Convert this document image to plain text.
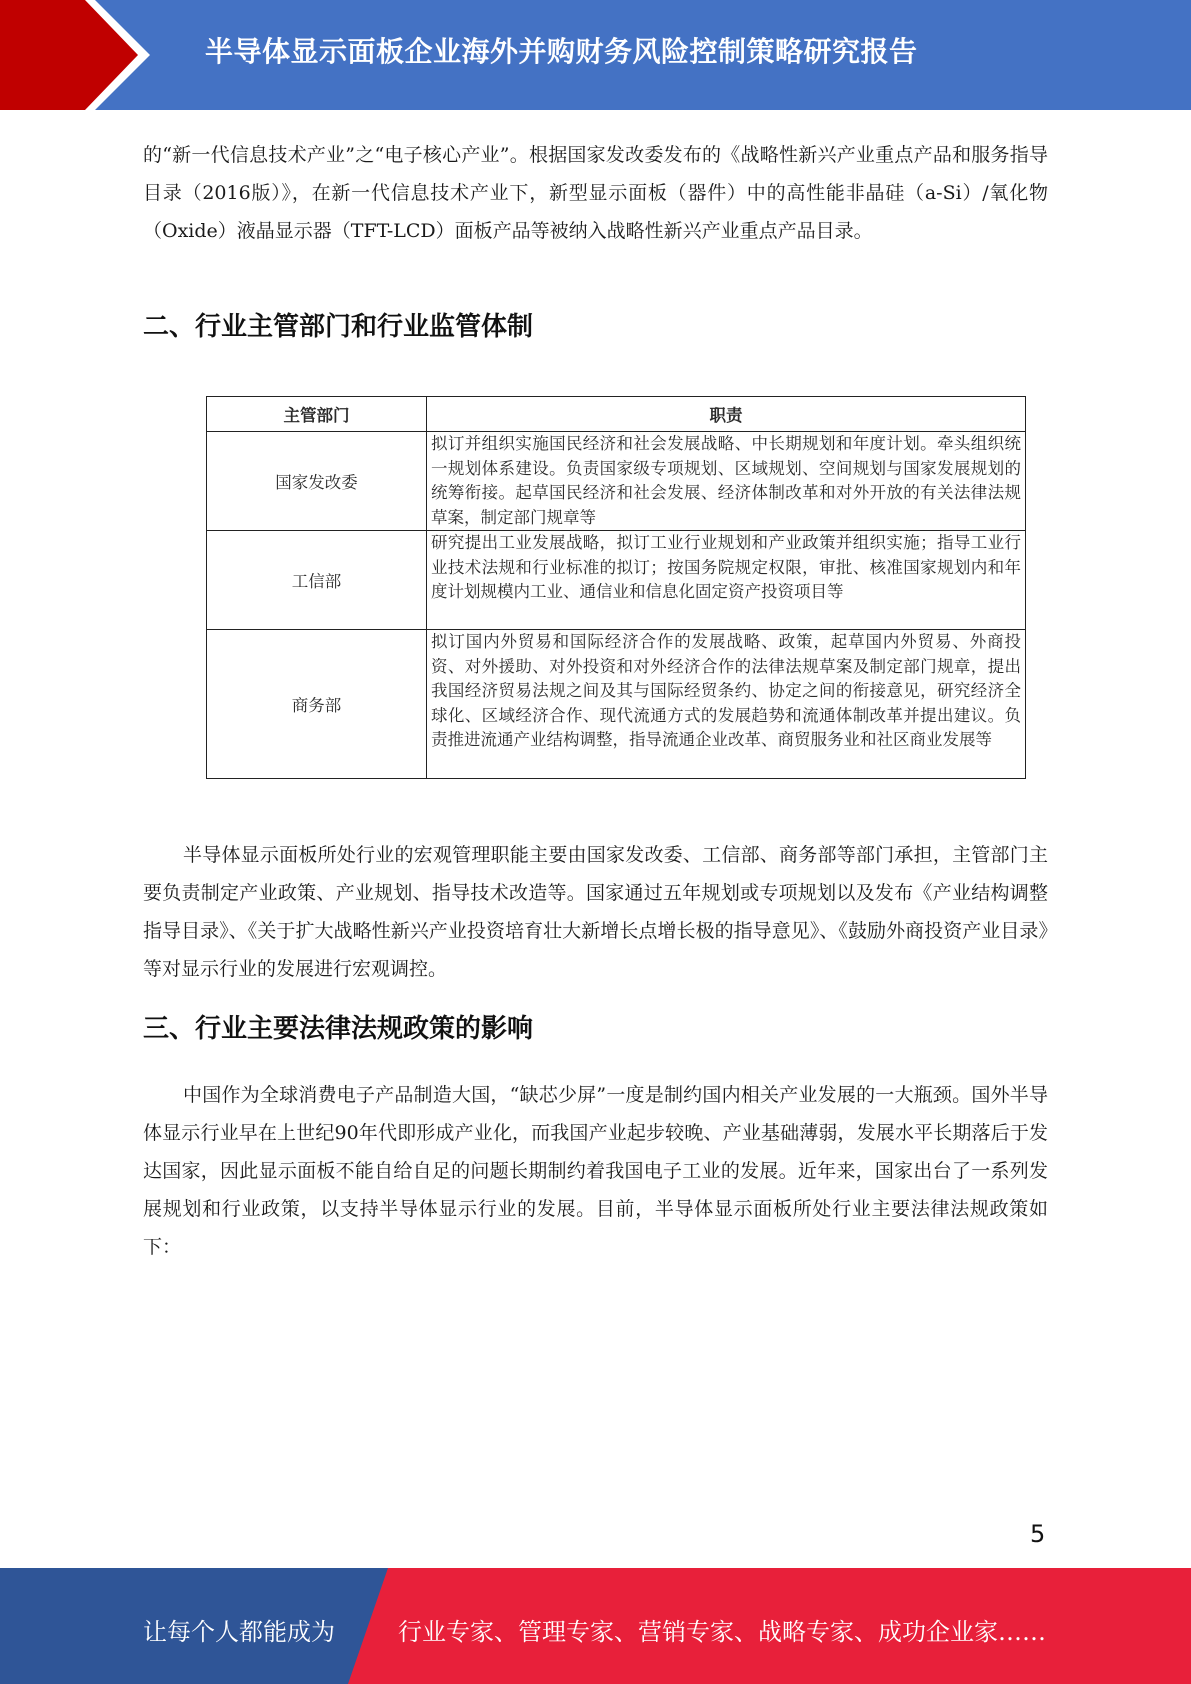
半导体显示面板企业海外并购财务风险控制策略研究报告

的“新一代信息技术产业”之“电子核心产业”。根据国家发改委发布的《战略性新兴产业重点产品和服务指导目录（2016版）》，在新一代信息技术产业下，新型显示面板（器件）中的高性能非晶硅（a-Si）/氧化物（Oxide）液晶显示器（TFT-LCD）面板产品等被纳入战略性新兴产业重点产品目录。

二、行业主管部门和行业监管体制
主管部门	职责
国家发改委	拟订并组织实施国民经济和社会发展战略、中长期规划和年度计划。牵头组织统一规划体系建设。负责国家级专项规划、区域规划、空间规划与国家发展规划的统筹衔接。起草国民经济和社会发展、经济体制改革和对外开放的有关法律法规草案，制定部门规章等
工信部	研究提出工业发展战略，拟订工业行业规划和产业政策并组织实施；指导工业行业技术法规和行业标准的拟订；按国务院规定权限，审批、核准国家规划内和年度计划规模内工业、通信业和信息化固定资产投资项目等
商务部	拟订国内外贸易和国际经济合作的发展战略、政策，起草国内外贸易、外商投资、对外援助、对外投资和对外经济合作的法律法规草案及制定部门规章，提出我国经济贸易法规之间及其与国际经贸条约、协定之间的衔接意见，研究经济全球化、区域经济合作、现代流通方式的发展趋势和流通体制改革并提出建议。负责推进流通产业结构调整，指导流通企业改革、商贸服务业和社区商业发展等

半导体显示面板所处行业的宏观管理职能主要由国家发改委、工信部、商务部等部门承担，主管部门主要负责制定产业政策、产业规划、指导技术改造等。国家通过五年规划或专项规划以及发布《产业结构调整指导目录》、《关于扩大战略性新兴产业投资培育壮大新增长点增长极的指导意见》、《鼓励外商投资产业目录》等对显示行业的发展进行宏观调控。

三、行业主要法律法规政策的影响

中国作为全球消费电子产品制造大国，“缺芯少屏”一度是制约国内相关产业发展的一大瓶颈。国外半导体显示行业早在上世纪90年代即形成产业化，而我国产业起步较晚、产业基础薄弱，发展水平长期落后于发达国家，因此显示面板不能自给自足的问题长期制约着我国电子工业的发展。近年来，国家出台了一系列发展规划和行业政策，以支持半导体显示行业的发展。目前，半导体显示面板所处行业主要法律法规政策如下：

5
让每个人都能成为	行业专家、管理专家、营销专家、战略专家、成功企业家……
